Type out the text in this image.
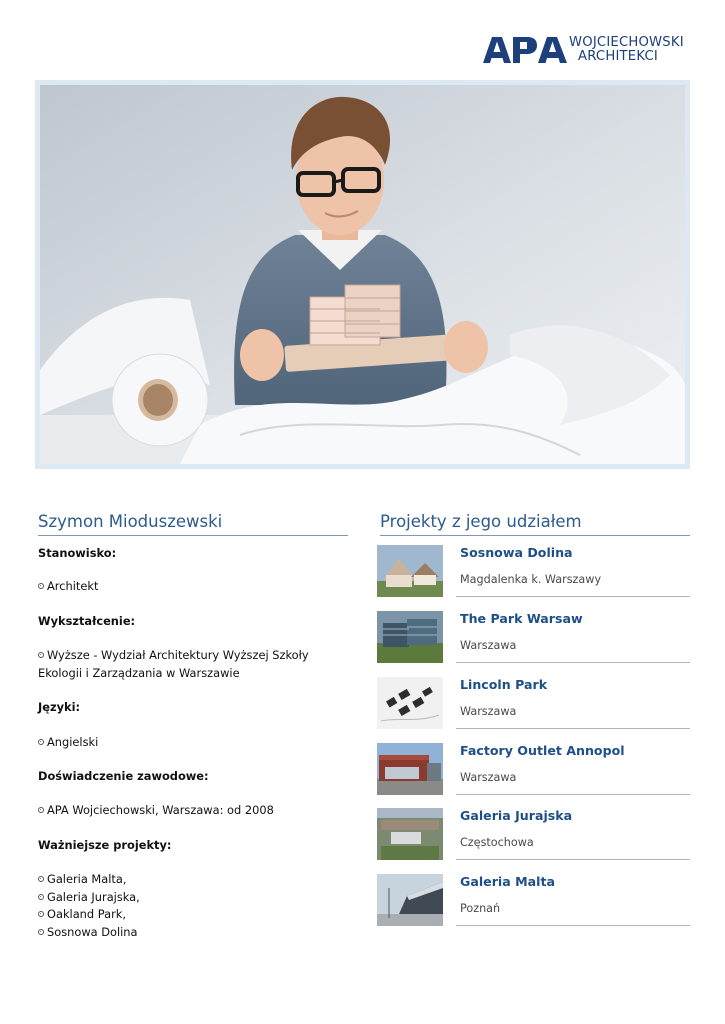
WOJCIECHOWSKI
ARCHITEKCI
Szymon Mioduszewski	Projekty z jego udziałem
Stanowisko:
Architekt
Wykształcenie:
Wyższe - Wydział Architektury Wyższej Szkoły Ekologii i Zarządzania w Warszawie
Języki:
Angielski
Doświadczenie zawodowe:
APA Wojciechowski, Warszawa: od 2008
Ważniejsze projekty:
Galeria Malta,
Galeria Jurajska,
Oakland Park,
Sosnowa Dolina
Sosnowa Dolina
Magdalenka k. Warszawy
The Park Warsaw
Warszawa
Lincoln Park
Warszawa
Factory Outlet Annopol
Warszawa
Galeria Jurajska
Częstochowa
Galeria Malta
Poznań
